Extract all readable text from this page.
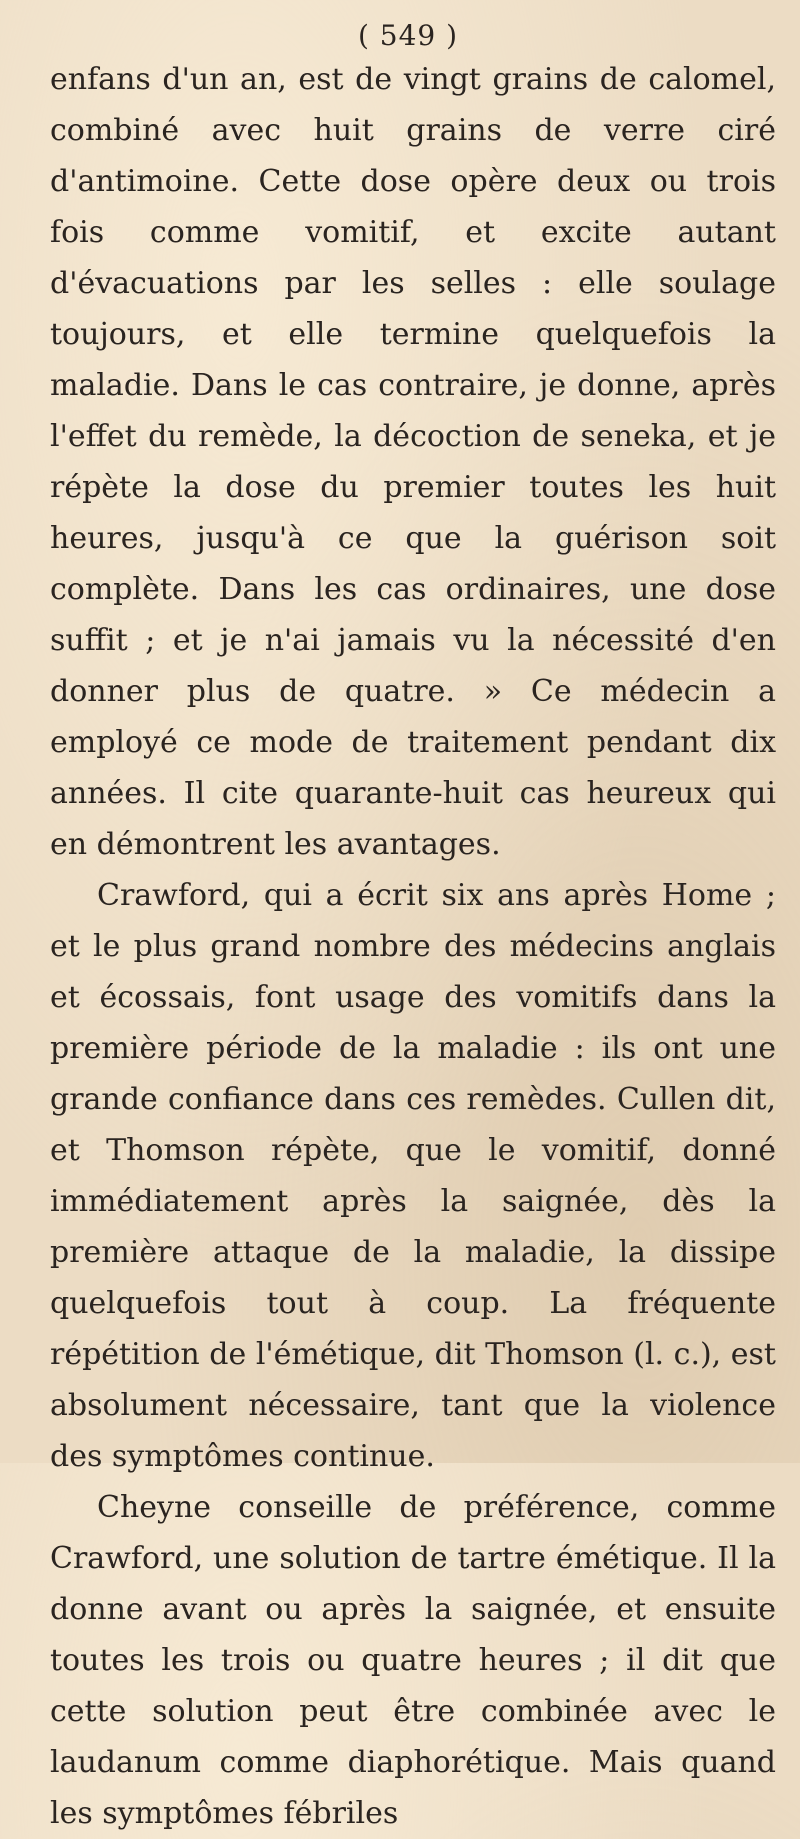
( 549 )

enfans d'un an, est de vingt grains de calomel, combiné avec huit grains de verre ciré d'antimoine. Cette dose opère deux ou trois fois comme vomitif, et excite autant d'évacuations par les selles : elle soulage toujours, et elle termine quelquefois la maladie. Dans le cas contraire, je donne, après l'effet du remède, la décoction de seneka, et je répète la dose du premier toutes les huit heures, jusqu'à ce que la guérison soit complète. Dans les cas ordinaires, une dose suffit ; et je n'ai jamais vu la nécessité d'en donner plus de quatre. » Ce médecin a employé ce mode de traitement pendant dix années. Il cite quarante-huit cas heureux qui en démontrent les avantages.

Crawford, qui a écrit six ans après Home ; et le plus grand nombre des médecins anglais et écossais, font usage des vomitifs dans la première période de la maladie : ils ont une grande confiance dans ces remèdes. Cullen dit, et Thomson répète, que le vomitif, donné immédiatement après la saignée, dès la première attaque de la maladie, la dissipe quelquefois tout à coup. La fréquente répétition de l'émétique, dit Thomson (l. c.), est absolument nécessaire, tant que la violence des symptômes continue.

Cheyne conseille de préférence, comme Crawford, une solution de tartre émétique. Il la donne avant ou après la saignée, et ensuite toutes les trois ou quatre heures ; il dit que cette solution peut être combinée avec le laudanum comme diaphorétique. Mais quand les symptômes fébriles
